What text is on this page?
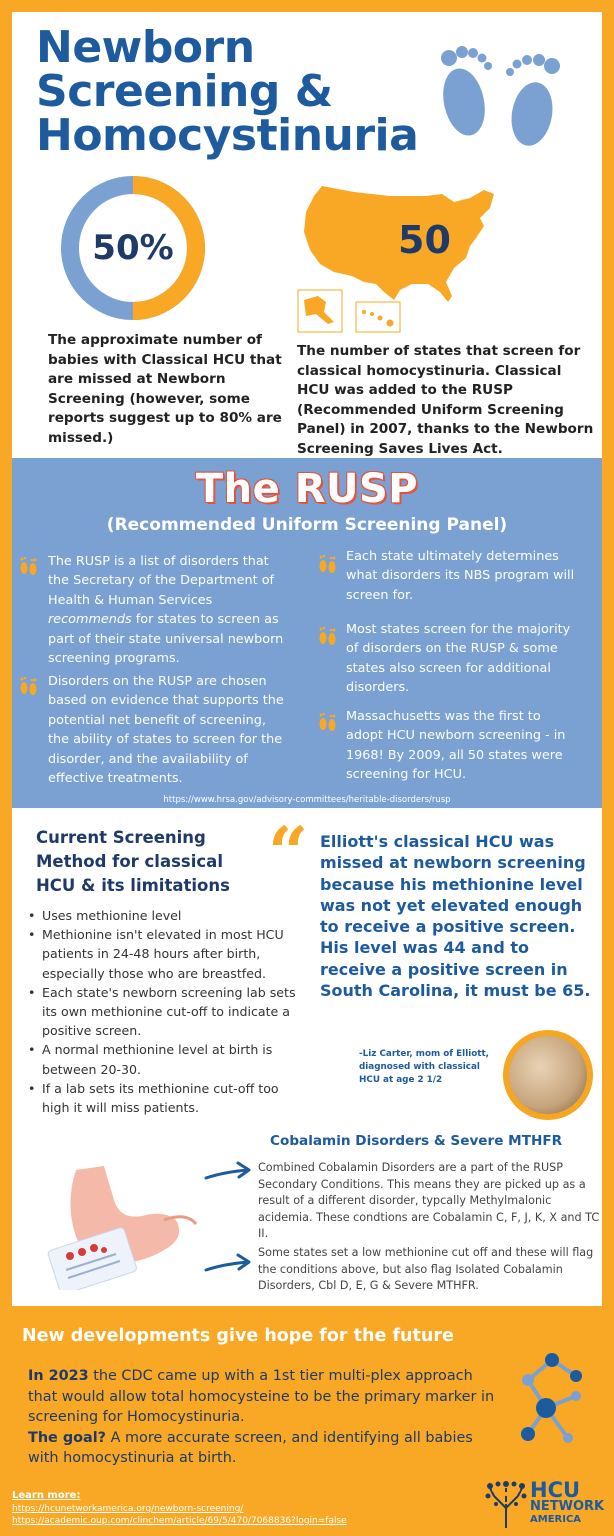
Newborn
Screening &
Homocystinuria
50%	50
The approximate number of babies with Classical HCU that are missed at Newborn Screening (however, some reports suggest up to 80% are missed.)
The number of states that screen for classical homocystinuria. Classical HCU was added to the RUSP (Recommended Uniform Screening Panel) in 2007, thanks to the Newborn Screening Saves Lives Act.
The RUSP
(Recommended Uniform Screening Panel)
The RUSP is a list of disorders that the Secretary of the Department of Health & Human Services recommends for states to screen as part of their state universal newborn screening programs.
Disorders on the RUSP are chosen based on evidence that supports the potential net benefit of screening, the ability of states to screen for the disorder, and the availability of effective treatments.
Each state ultimately determines what disorders its NBS program will screen for.
Most states screen for the majority of disorders on the RUSP & some states also screen for additional disorders.
Massachusetts was the first to adopt HCU newborn screening - in 1968! By 2009, all 50 states were screening for HCU.
https://www.hrsa.gov/advisory-committees/heritable-disorders/rusp
Current Screening
Method for classical
HCU & its limitations
• Uses methionine level
• Methionine isn't elevated in most HCU patients in 24-48 hours after birth, especially those who are breastfed.
• Each state's newborn screening lab sets its own methionine cut-off to indicate a positive screen.
• A normal methionine level at birth is between 20-30.
• If a lab sets its methionine cut-off too high it will miss patients.
“ Elliott's classical HCU was missed at newborn screening because his methionine level was not yet elevated enough to receive a positive screen. His level was 44 and to receive a positive screen in South Carolina, it must be 65.
-Liz Carter, mom of Elliott, diagnosed with classical HCU at age 2 1/2
Cobalamin Disorders & Severe MTHFR
Combined Cobalamin Disorders are a part of the RUSP Secondary Conditions. This means they are picked up as a result of a different disorder, typcally Methylmalonic acidemia. These condtions are Cobalamin C, F, J, K, X and TC II.
Some states set a low methionine cut off and these will flag the conditions above, but also flag Isolated Cobalamin Disorders, Cbl D, E, G & Severe MTHFR.
New developments give hope for the future

In 2023 the CDC came up with a 1st tier multi-plex approach that would allow total homocysteine to be the primary marker in screening for Homocystinuria.

The goal? A more accurate screen, and identifying all babies with homocystinuria at birth.

Learn more:
https://hcunetworkamerica.org/newborn-screening/
https://academic.oup.com/clinchem/article/69/5/470/7068836?login=false
HCU
NETWORK
AMERICA
